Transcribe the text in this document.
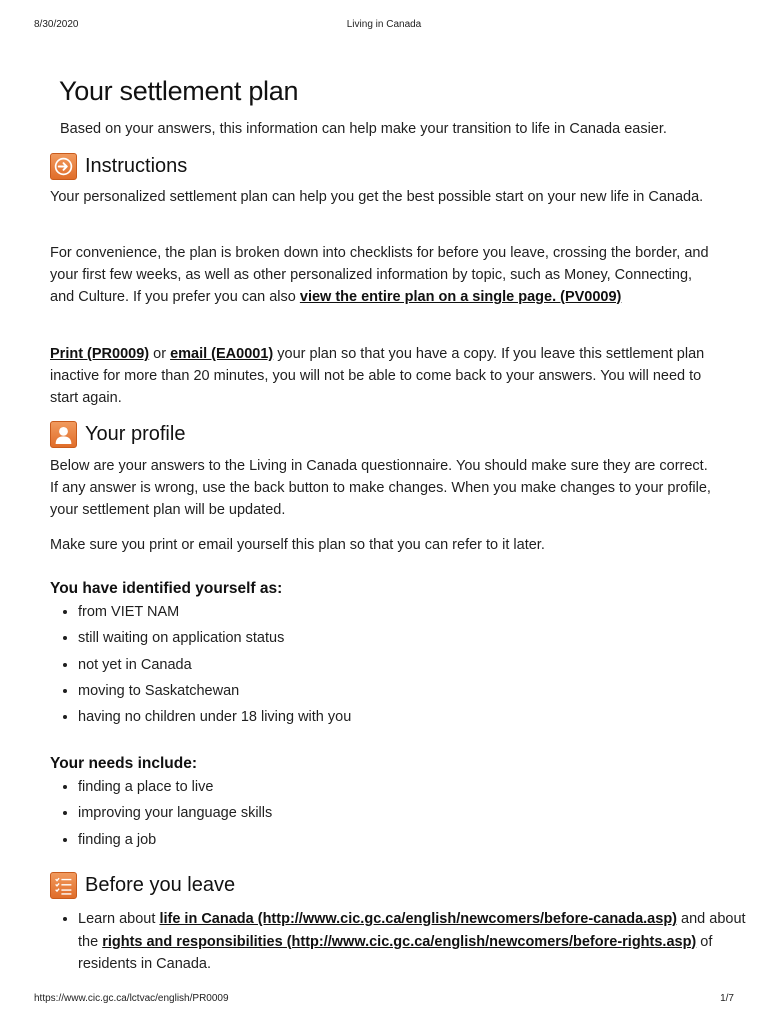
8/30/2020	Living in Canada
Your settlement plan

Based on your answers, this information can help make your transition to life in Canada easier.

Instructions

Your personalized settlement plan can help you get the best possible start on your new life in Canada.

For convenience, the plan is broken down into checklists for before you leave, crossing the border, and your first few weeks, as well as other personalized information by topic, such as Money, Connecting, and Culture. If you prefer you can also view the entire plan on a single page. (PV0009)

Print (PR0009) or email (EA0001) your plan so that you have a copy. If you leave this settlement plan inactive for more than 20 minutes, you will not be able to come back to your answers. You will need to start again.

Your profile

Below are your answers to the Living in Canada questionnaire. You should make sure they are correct. If any answer is wrong, use the back button to make changes. When you make changes to your profile, your settlement plan will be updated.

Make sure you print or email yourself this plan so that you can refer to it later.

You have identified yourself as:
• from VIET NAM
• still waiting on application status
• not yet in Canada
• moving to Saskatchewan
• having no children under 18 living with you
Your needs include:
• finding a place to live
• improving your language skills
• finding a job
Before you leave
• Learn about life in Canada (http://www.cic.gc.ca/english/newcomers/before-canada.asp) and about the rights and responsibilities (http://www.cic.gc.ca/english/newcomers/before-rights.asp) of residents in Canada.
https://www.cic.gc.ca/lctvac/english/PR0009	1/7
